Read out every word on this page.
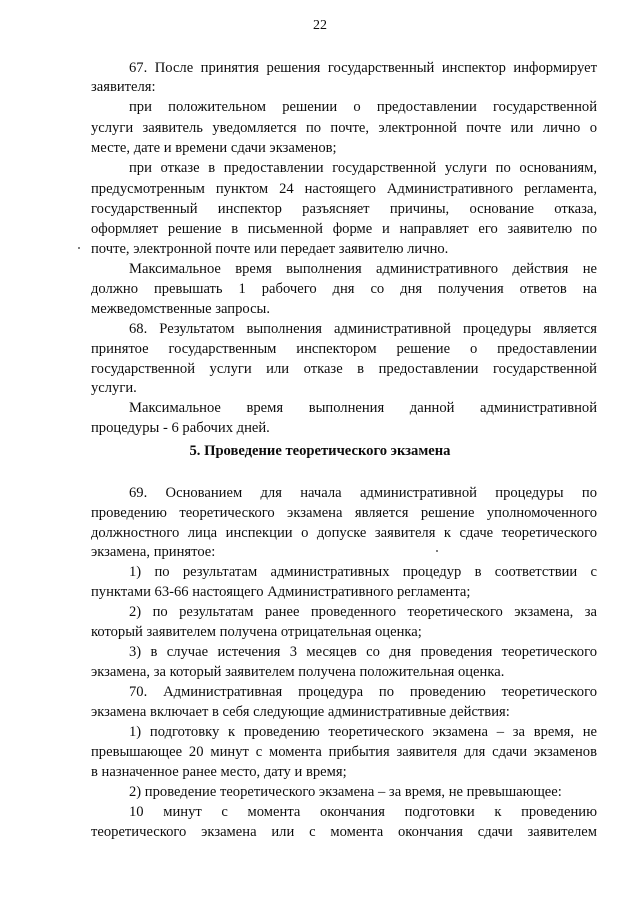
22
67. После принятия решения государственный инспектор информирует
заявителя:
при положительном решении о предоставлении государственной
услуги заявитель уведомляется по почте, электронной почте или лично о
месте, дате и времени сдачи экзаменов;
при отказе в предоставлении государственной услуги по основаниям,
предусмотренным пунктом 24 настоящего Административного регламента,
государственный инспектор разъясняет причины, основание отказа,
оформляет решение в письменной форме и направляет его заявителю по
почте, электронной почте или передает заявителю лично.
Максимальное время выполнения административного действия не
должно превышать 1 рабочего дня со дня получения ответов на
межведомственные запросы.
68. Результатом выполнения административной процедуры является
принятое государственным инспектором решение о предоставлении
государственной услуги или отказе в предоставлении государственной
услуги.
Максимальное время выполнения данной административной
процедуры - 6 рабочих дней.
5. Проведение теоретического экзамена
69. Основанием для начала административной процедуры по
проведению теоретического экзамена является решение уполномоченного
должностного лица инспекции о допуске заявителя к сдаче теоретического
экзамена, принятое:
1) по результатам административных процедур в соответствии с
пунктами 63-66 настоящего Административного регламента;
2) по результатам ранее проведенного теоретического экзамена, за
который заявителем получена отрицательная оценка;
3) в случае истечения 3 месяцев со дня проведения теоретического
экзамена, за который заявителем получена положительная оценка.
70. Административная процедура по проведению теоретического
экзамена включает в себя следующие административные действия:
1) подготовку к проведению теоретического экзамена – за время, не
превышающее 20 минут с момента прибытия заявителя для сдачи экзаменов
в назначенное ранее место, дату и время;
2) проведение теоретического экзамена – за время, не превышающее:
10 минут с момента окончания подготовки к проведению
теоретического экзамена или с момента окончания сдачи заявителем
